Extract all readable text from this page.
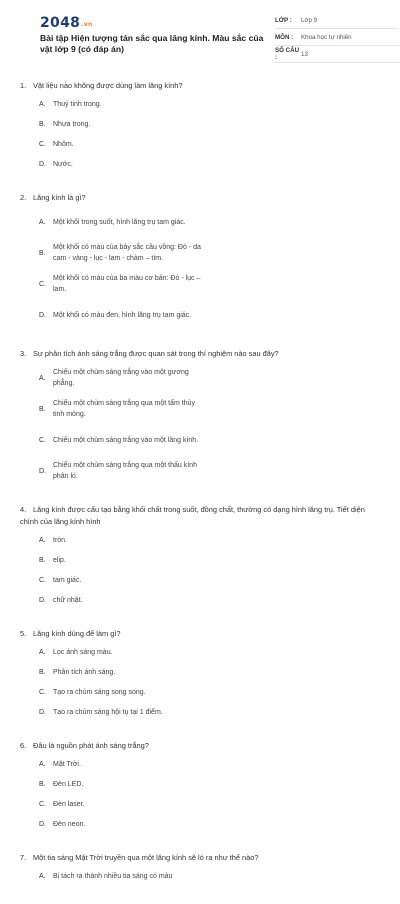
2048.vn
Bài tập Hiện tượng tán sắc qua lăng kính. Màu sắc của vật lớp 9 (có đáp án)
LỚP :	Lớp 9
MÔN :	Khoa học tự nhiên
SỐ CÂU :	13
1. Vật liệu nào không được dùng làm lăng kính?
A.	Thuỷ tinh trong.
B.	Nhựa trong.
C.	Nhôm.
D.	Nước.
2. Lăng kính là gì?
A.	Một khối trong suốt, hình lăng trụ tam giác.
B.
Một khối có màu của bảy sắc cầu vồng: Đỏ - da cam - vàng - lục - lam - chàm – tím.
C.
Một khối có màu của ba màu cơ bản: Đỏ - lục – lam.
D.	Một khối có màu đen, hình lăng trụ tam giác.
3. Sự phân tích ánh sáng trắng được quan sát trong thí nghiệm nào sau đây?
A.
Chiếu một chùm sáng trắng vào một gương phẳng.
B.
Chiếu một chùm sáng trắng qua một tấm thủy tinh mỏng.
C.	Chiếu một chùm sáng trắng vào một lăng kính.
D.
Chiếu một chùm sáng trắng qua một thấu kính phân kì.
4. Lăng kính được cấu tạo bằng khối chất trong suốt, đồng chất, thường có dạng hình lăng trụ. Tiết diện chính của lăng kính hình
A.	tròn.
B.	elip.
C.	tam giác.
D.	chữ nhật.
5. Lăng kính dùng để làm gì?
A.	Lọc ánh sáng màu.
B.	Phân tích ánh sáng.
C.	Tạo ra chùm sáng song song.
D.	Tạo ra chùm sáng hội tụ tại 1 điểm.
6. Đâu là nguồn phát ánh sáng trắng?
A.	Mặt Trời.
B.	Đèn LED.
C.	Đèn laser.
D.	Đèn neon.
7. Một tia sáng Mặt Trời truyền qua một lăng kính sẽ ló ra như thế nào?
A.	Bị tách ra thành nhiều tia sáng có màu
